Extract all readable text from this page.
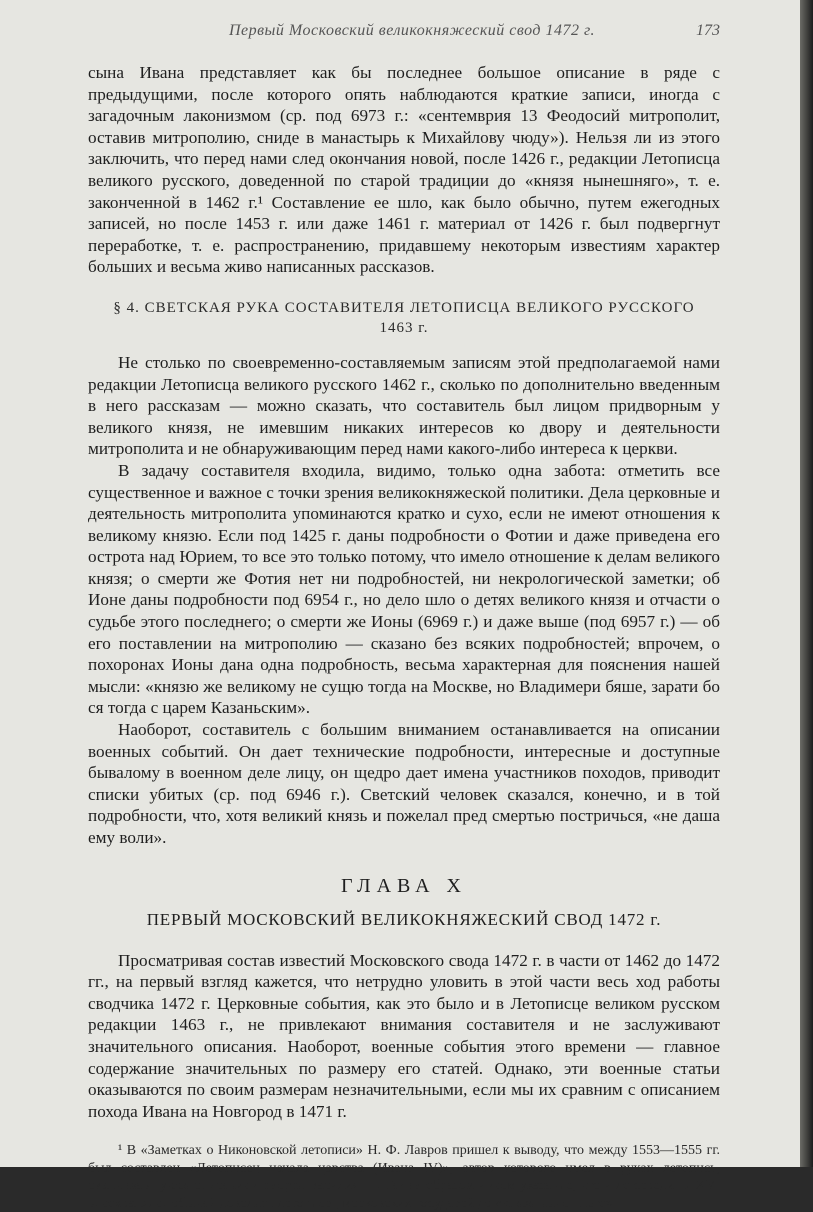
Первый Московский великокняжеский свод 1472 г.	173

сына Ивана представляет как бы последнее большое описание в ряде с предыдущими, после которого опять наблюдаются краткие записи, иногда с загадочным лаконизмом (ср. под 6973 г.: «сентемврия 13 Феодосий митрополит, оставив митрополию, сниде в манастырь к Михайлову чюду»). Нельзя ли из этого заключить, что перед нами след окончания новой, после 1426 г., редакции Летописца великого русского, доведенной по старой традиции до «князя нынешняго», т. е. законченной в 1462 г.¹ Составление ее шло, как было обычно, путем ежегодных записей, но после 1453 г. или даже 1461 г. материал от 1426 г. был подвергнут переработке, т. е. распространению, придавшему некоторым известиям характер больших и весьма живо написанных рассказов.

§ 4. СВЕТСКАЯ РУКА СОСТАВИТЕЛЯ ЛЕТОПИСЦА ВЕЛИКОГО РУССКОГО
1463 г.

Не столько по своевременно-составляемым записям этой предполагаемой нами редакции Летописца великого русского 1462 г., сколько по дополнительно введенным в него рассказам — можно сказать, что составитель был лицом придворным у великого князя, не имевшим никаких интересов ко двору и деятельности митрополита и не обнаруживающим перед нами какого-либо интереса к церкви.

В задачу составителя входила, видимо, только одна забота: отметить все существенное и важное с точки зрения великокняжеской политики. Дела церковные и деятельность митрополита упоминаются кратко и сухо, если не имеют отношения к великому князю. Если под 1425 г. даны подробности о Фотии и даже приведена его острота над Юрием, то все это только потому, что имело отношение к делам великого князя; о смерти же Фотия нет ни подробностей, ни некрологической заметки; об Ионе даны подробности под 6954 г., но дело шло о детях великого князя и отчасти о судьбе этого последнего; о смерти же Ионы (6969 г.) и даже выше (под 6957 г.) — об его поставлении на митрополию — сказано без всяких подробностей; впрочем, о похоронах Ионы дана одна подробность, весьма характерная для пояснения нашей мысли: «князю же великому не сущю тогда на Москве, но Владимери бяше, зарати бо ся тогда с царем Казаньским».

Наоборот, составитель с большим вниманием останавливается на описании военных событий. Он дает технические подробности, интересные и доступные бывалому в военном деле лицу, он щедро дает имена участников походов, приводит списки убитых (ср. под 6946 г.). Светский человек сказался, конечно, и в той подробности, что, хотя великий князь и пожелал пред смертью постричься, «не даша ему воли».

ГЛАВА X
ПЕРВЫЙ МОСКОВСКИЙ ВЕЛИКОКНЯЖЕСКИЙ СВОД 1472 г.

Просматривая состав известий Московского свода 1472 г. в части от 1462 до 1472 гг., на первый взгляд кажется, что нетрудно уловить в этой части весь ход работы сводчика 1472 г. Церковные события, как это было и в Летописце великом русском редакции 1463 г., не привлекают внимания составителя и не заслуживают значительного описания. Наоборот, военные события этого времени — главное содержание значительных по размеру его статей. Однако, эти военные статьи оказываются по своим размерам незначительными, если мы их сравним с описанием похода Ивана на Новгород в 1471 г.

¹ В «Заметках о Никоновской летописи» Н. Ф. Лавров пришел к выводу, что между 1553—1555 гг. был составлен «Летописец начала царства (Ивана IV)», автор которого имел в руках летопись, оканчивавшуюся описанием смерти Василия III. Таким образом имеем указание, что и до середины XVI в. сохранялся обычай доводить летописец московских государей до «князя нынешнего».
